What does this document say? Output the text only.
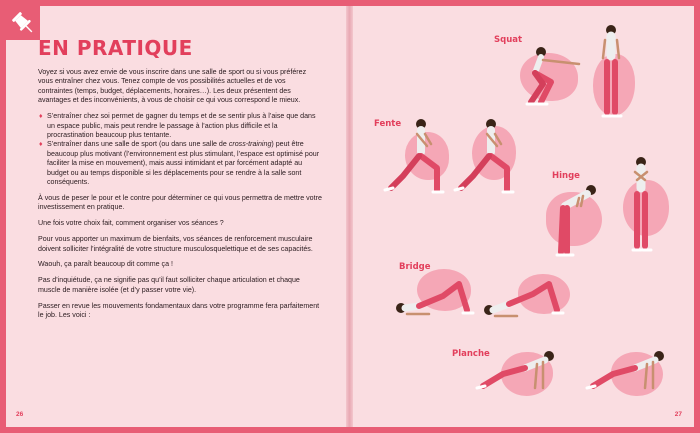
EN PRATIQUE

Voyez si vous avez envie de vous inscrire dans une salle de sport ou si vous préférez vous entraîner chez vous. Tenez compte de vos possibilités actuelles et de vos contraintes (temps, budget, déplacements, horaires…). Les deux présentent des avantages et des inconvénients, à vous de choisir ce qui vous correspond le mieux.

♦ S’entraîner chez soi permet de gagner du temps et de se sentir plus à l’aise que dans un espace public, mais peut rendre le passage à l’action plus difficile et la procrastination beaucoup plus tentante.
♦ S’entraîner dans une salle de sport (ou dans une salle de cross-training) peut être beaucoup plus motivant (l’environnement est plus stimulant, l’espace est optimisé pour faciliter la mise en mouvement), mais aussi intimidant et par forcément adapté au budget ou au temps disponible si les déplacements pour se rendre à la salle sont conséquents.

À vous de peser le pour et le contre pour déterminer ce qui vous permettra de mettre votre investissement en pratique.

Une fois votre choix fait, comment organiser vos séances ?

Pour vous apporter un maximum de bienfaits, vos séances de renforcement musculaire doivent solliciter l’intégralité de votre structure musculosquelettique et de ses capacités.

Waouh, ça paraît beaucoup dit comme ça !

Pas d’inquiétude, ça ne signifie pas qu’il faut solliciter chaque articulation et chaque muscle de manière isolée (et d’y passer votre vie).

Passer en revue les mouvements fondamentaux dans votre programme fera parfaitement le job. Les voici :

26
Squat
Fente
Hinge
Bridge
Planche
27
